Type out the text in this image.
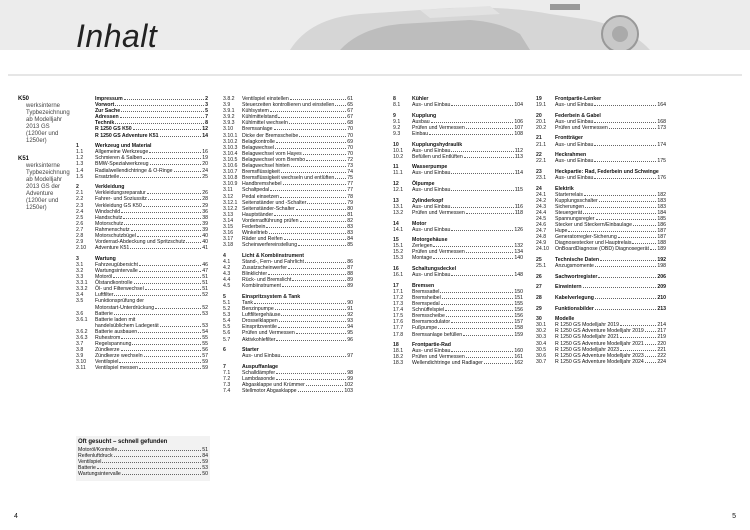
Inhalt
K50
werksinterne
Typbezeichnung
ab Modelljahr
2013 GS
(1200er und
1250er)
K51
werksinterne
Typbezeichnung
ab Modelljahr
2013 GS der
Adventure
(1200er und
1250er)
Impressum	2
Vorwort	3
Zur Sache	5
Adressen	7
Technik	8
R 1250 GS K50	12
R 1250 GS Adventure K51	14
1	Werkzeug und Material
1.1	Allgemeine Werkzeuge	16
1.2	Schmieren & Salben	19
1.3	BMW-Spezialwerkzeug	20
1.4	Radialwellendichtringe & O-Ringe	24
1.5	Ersatzteile	25
2	Verkleidung
2.1	Verkleidungsreparatur	26
2.2	Fahrer- und Soziussitz	28
2.3	Verkleidung GS K50	29
2.4	Windschild	36
2.5	Handschutz	38
2.6	Motorschutz	39
2.7	Rahmenschutz	39
2.8	Motorschutzbügel	40
2.9	Vorderrad-Abdeckung und Spritzschutz	40
2.10	Adventure K51	41
3	Wartung
3.1	Fahrzeugübersicht	46
3.2	Wartungsintervalle	47
3.3	Motoröl	51
3.3.1	Ölstandkontrolle	51
3.3.2	Öl- und Filterwechsel	51
3.4	Luftfilter	52
3.5	Funktionsprüfung der
Motorstart-Unterdrückung	52
3.6	Batterie	53
3.6.1	Batterie laden mit
handelsüblichem Ladegerät	53
3.6.2	Batterie ausbauen	54
3.6.3	Ruhestrom	55
3.7	Regelspannung	55
3.8	Zündkerze	56
3.9	Zündkerze wechseln	57
3.10	Ventilspiel	59
3.11	Ventilspiel messen	59
3.8.2	Ventilspiel einstellen	61
3.9	Steuerzeiten kontrollieren und einstellen 65
3.9.1	Kühlsystem	67
3.9.2	Kühlmittelstand	67
3.9.3	Kühlmittel wechseln	68
3.10	Bremsanlage	70
3.10.1 Dicke der Bremsscheibe	70
3.10.2 Belagkontrolle	69
3.10.3 Belagwechsel	70
3.10.4 Belagwechsel vorn Hayes	70
3.10.5 Belagwechsel vorn Brembo	72
3.10.6 Belagwechsel hinten	73
3.10.7 Bremsflüssigkeit	74
3.10.8 Bremsflüssigkeit wechseln und entlüften 75
3.10.9 Handbremshebel	77
3.11	Schaltpedal	77
3.12	Pedal einsetzen	78
3.12.1 Seitenständer und -Schalter	79
3.12.2 Seitenständer-Schalter	80
3.13	Hauptständer	81
3.14	Vorderradführung prüfen	82
3.15	Federbein	83
3.16	Winkeltrieb	83
3.17	Räder und Reifen	84
3.18	Scheinwerfereinstellung	85
4	Licht & Kombiinstrument
4.1	Stand-, Fern- und Fahrlicht	86
4.2	Zusatzscheinwerfer	87
4.3	Blinklichter	88
4.4	Rück- und Bremslicht	89
4.5	Kombiinstrument	89
5	Einspritzsystem & Tank
5.1	Tank	90
5.2	Benzinpumpe	91
5.3	Luftfiltergehäuse	92
5.4	Drosselklappen	93
5.5	Einspritzventile	94
5.6	Prüfen und Vermessen	95
5.7	Aktivkohlefilter	96
6	Starter
Aus- und Einbau	97
7	Auspuffanlage
7.1	Schalldämpfer	98
7.2	Lambdasonde	99
7.3	Abgasklappe und Krümmer	102
7.4	Stellmotor Abgasklappe	103
8	Kühler
8.1	Aus- und Einbau	104
9	Kupplung
9.1	Ausbau	106
9.2	Prüfen und Vermessen	107
9.3	Einbau	108
10	Kupplungshydraulik
10.1	Aus- und Einbau	112
10.2	Befüllen und Entlüften	113
11	Wasserpumpe
11.1	Aus- und Einbau	114
12	Ölpumpe
12.1	Aus- und Einbau	115
13	Zylinderkopf
13.1	Aus- und Einbau	116
13.2	Prüfen und Vermessen	118
14	Motor
14.1	Aus- und Einbau	126
15	Motorgehäuse
15.1	Zerlegen	132
15.2	Prüfen und Vermessen	134
15.3	Montage	140
16	Schaltungsdeckel
16.1	Aus- und Einbau	148
17	Bremsen
17.1	Bremssattel	150
17.2	Bremsheibel	151
17.3	Bremspedal	155
17.4	Schnüffelspiel	156
17.5	Bremsscheibe	156
17.6	Bremsmodulator	157
17.7	Fußpumpe	158
17.8	Bremsanlage befüllen	159
18	Frontpartie-Rad
18.1	Aus- und Einbau	160
18.2	Prüfen und Vermessen	161
18.3	Wellendichtringe und Radlager	162
19	Frontpartie-Lenker
19.1	Aus- und Einbau	164
20	Federbein & Gabel
20.1	Aus- und Einbau	168
20.2	Prüfen und Vermessen	173
21	Frontträger
21.1	Aus- und Einbau	174
22	Heckrahmen
22.1	Aus- und Einbau	175
23	Heckpartie: Rad, Federbein und Schwinge
23.1	Aus- und Einbau	176
24	Elektrik
24.1	Starterrelais	182
24.2	Kupplungsschalter	183
24.3	Sicherungen	183
24.4	Steuergerät	184
24.5	Spannungsregler	185
24.6	Stecker und Steckern/Einbaulage	186
24.7	Hupe	187
24.8	Generatorregler-Sicherung	187
24.9	Diagnosestecker und Hauptrelais	188
24.10	OnBoardDiagnose (OBD) Diagnosegerät 189
25	Technische Daten	192
25.1	Anzugsmomente	198
26	Sachwortregister	206
27	Einwintern	209
28	Kabelverlegung	210
29	Funktionsbilder	213
30	Modelle
30.1	R 1250 GS Modelljahr 2019	214
30.2	R 1250 GS Adventure Modelljahr 2019	217
30.3	R 1250 GS Modelljahr 2021	219
30.4	R 1250 GS Adventure Modelljahr 2021	220
30.5	R 1250 GS Modelljahr 2023	221
30.6	R 1250 GS Adventure Modelljahr 2023	222
30.7	R 1250 GS Adventure Modelljahr 2024	224
Oft gesucht – schnell gefunden
Motoröl/Kontrolle	51
Reifenluftdruck	84
Ventilspiel	59
Batterie	53
Wartungsintervalle	50
4	5
